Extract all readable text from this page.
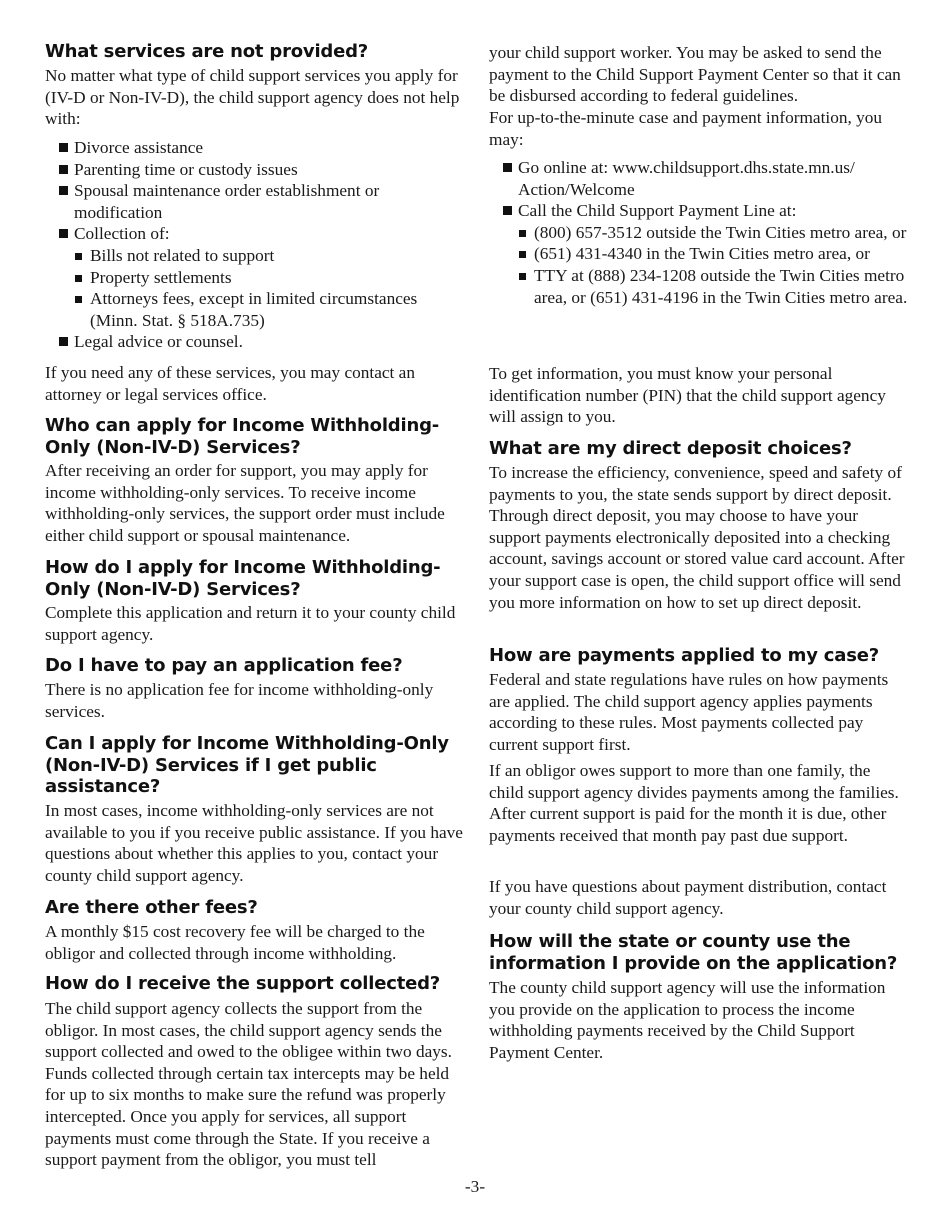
What services are not provided?

No matter what type of child support services you apply for (IV-D or Non-IV-D), the child support agency does not help with:

Divorce assistance
Parenting time or custody issues
Spousal maintenance order establishment or modification
Collection of:
Bills not related to support
Property settlements
Attorneys fees, except in limited circumstances (Minn. Stat. § 518A.735)
Legal advice or counsel.

If you need any of these services, you may contact an attorney or legal services office.

Who can apply for Income Withholding-Only (Non-IV-D) Services?

After receiving an order for support, you may apply for income withholding-only services. To receive income withholding-only services, the support order must include either child support or spousal maintenance.

How do I apply for Income Withholding-Only (Non-IV-D) Services?

Complete this application and return it to your county child support agency.

Do I have to pay an application fee?

There is no application fee for income withholding-only services.

Can I apply for Income Withholding-Only (Non-IV-D) Services if I get public assistance?

In most cases, income withholding-only services are not available to you if you receive public assistance. If you have questions about whether this applies to you, contact your county child support agency.

Are there other fees?

A monthly $15 cost recovery fee will be charged to the obligor and collected through income withholding.

How do I receive the support collected?

The child support agency collects the support from the obligor. In most cases, the child support agency sends the support collected and owed to the obligee within two days. Funds collected through certain tax intercepts may be held for up to six months to make sure the refund was properly intercepted. Once you apply for services, all support payments must come through the State. If you receive a support payment from the obligor, you must tell

your child support worker. You may be asked to send the payment to the Child Support Payment Center so that it can be disbursed according to federal guidelines.

For up-to-the-minute case and payment information, you may:

Go online at: www.childsupport.dhs.state.mn.us/ Action/Welcome
Call the Child Support Payment Line at:
(800) 657-3512 outside the Twin Cities metro area, or
(651) 431-4340 in the Twin Cities metro area, or
TTY at (888) 234-1208 outside the Twin Cities metro area, or (651) 431-4196 in the Twin Cities metro area.

To get information, you must know your personal identification number (PIN) that the child support agency will assign to you.

What are my direct deposit choices?

To increase the efficiency, convenience, speed and safety of payments to you, the state sends support by direct deposit. Through direct deposit, you may choose to have your support payments electronically deposited into a checking account, savings account or stored value card account. After your support case is open, the child support office will send you more information on how to set up direct deposit.

How are payments applied to my case?

Federal and state regulations have rules on how payments are applied. The child support agency applies payments according to these rules. Most payments collected pay current support first.

If an obligor owes support to more than one family, the child support agency divides payments among the families. After current support is paid for the month it is due, other payments received that month pay past due support.

If you have questions about payment distribution, contact your county child support agency.

How will the state or county use the information I provide on the application?

The county child support agency will use the information you provide on the application to process the income withholding payments received by the Child Support Payment Center.

-3-
